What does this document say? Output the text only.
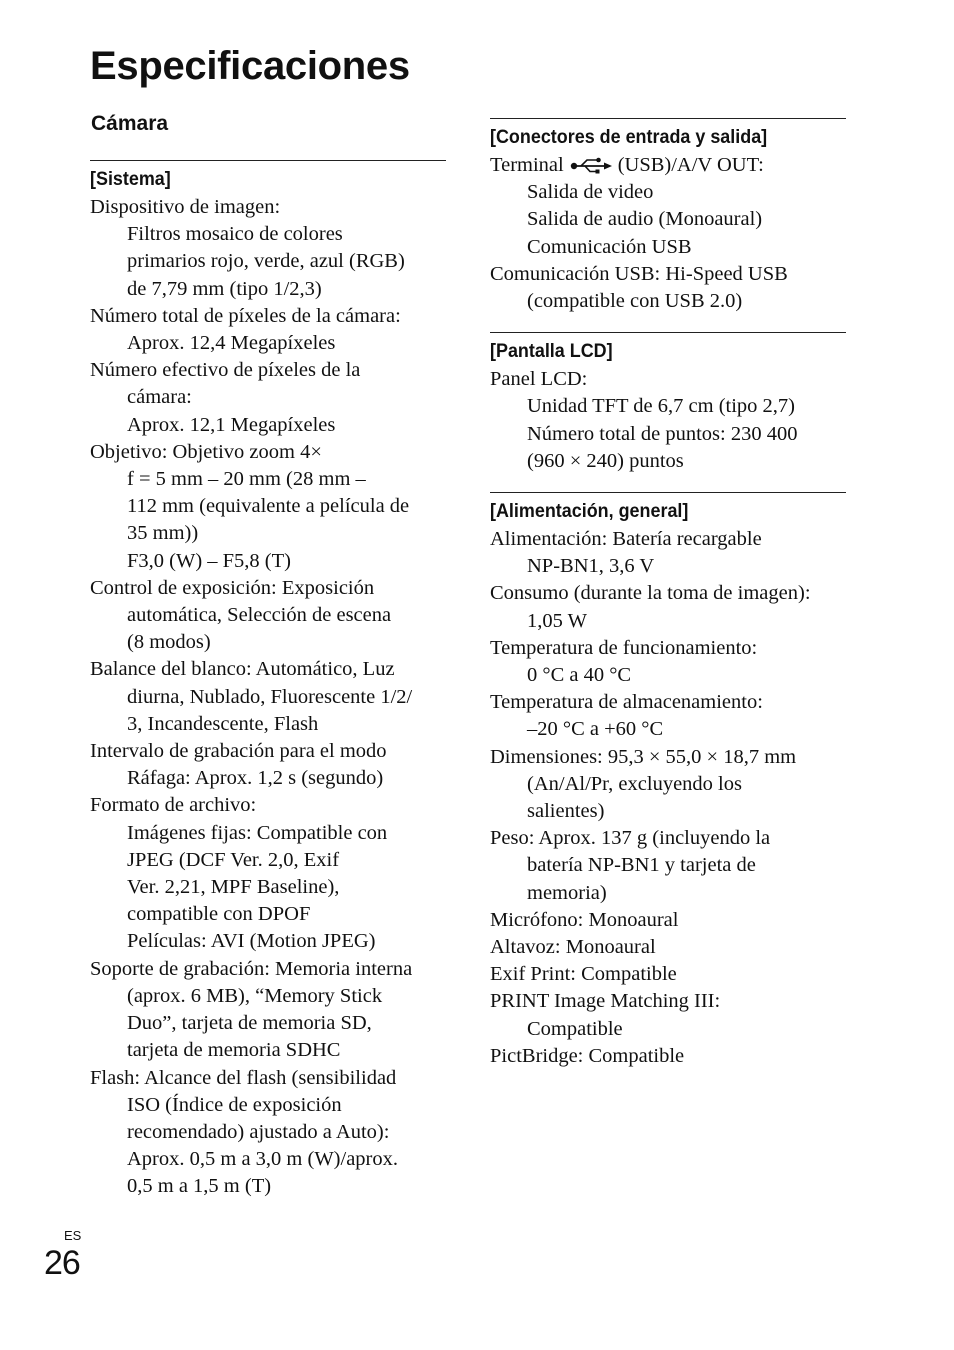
Especificaciones
Cámara
[Sistema]
Dispositivo de imagen:
Filtros mosaico de colores
primarios rojo, verde, azul (RGB)
de 7,79 mm (tipo 1/2,3)
Número total de píxeles de la cámara:
Aprox. 12,4 Megapíxeles
Número efectivo de píxeles de la
cámara:
Aprox. 12,1 Megapíxeles
Objetivo: Objetivo zoom 4×
f = 5 mm – 20 mm (28 mm –
112 mm (equivalente a película de
35 mm))
F3,0 (W) – F5,8 (T)
Control de exposición: Exposición
automática, Selección de escena
(8 modos)
Balance del blanco: Automático, Luz
diurna, Nublado, Fluorescente 1/2/
3, Incandescente, Flash
Intervalo de grabación para el modo
Ráfaga: Aprox. 1,2 s (segundo)
Formato de archivo:
Imágenes fijas: Compatible con
JPEG (DCF Ver. 2,0, Exif
Ver. 2,21, MPF Baseline),
compatible con DPOF
Películas: AVI (Motion JPEG)
Soporte de grabación: Memoria interna
(aprox. 6 MB), “Memory Stick
Duo”, tarjeta de memoria SD,
tarjeta de memoria SDHC
Flash: Alcance del flash (sensibilidad
ISO (Índice de exposición
recomendado) ajustado a Auto):
Aprox. 0,5 m a 3,0 m (W)/aprox.
0,5 m a 1,5 m (T)
[Conectores de entrada y salida]
Terminal	(USB)/A/V OUT:
Salida de video
Salida de audio (Monoaural)
Comunicación USB
Comunicación USB: Hi-Speed USB
(compatible con USB 2.0)
[Pantalla LCD]
Panel LCD:
Unidad TFT de 6,7 cm (tipo 2,7)
Número total de puntos: 230 400
(960 × 240) puntos
[Alimentación, general]
Alimentación: Batería recargable
NP-BN1, 3,6 V
Consumo (durante la toma de imagen):
1,05 W
Temperatura de funcionamiento:
0 °C a 40 °C
Temperatura de almacenamiento:
–20 °C a +60 °C
Dimensiones: 95,3 × 55,0 × 18,7 mm
(An/Al/Pr, excluyendo los
salientes)
Peso: Aprox. 137 g (incluyendo la
batería NP-BN1 y tarjeta de
memoria)
Micrófono: Monoaural
Altavoz: Monoaural
Exif Print: Compatible
PRINT Image Matching III:
Compatible
PictBridge: Compatible
ES
26
